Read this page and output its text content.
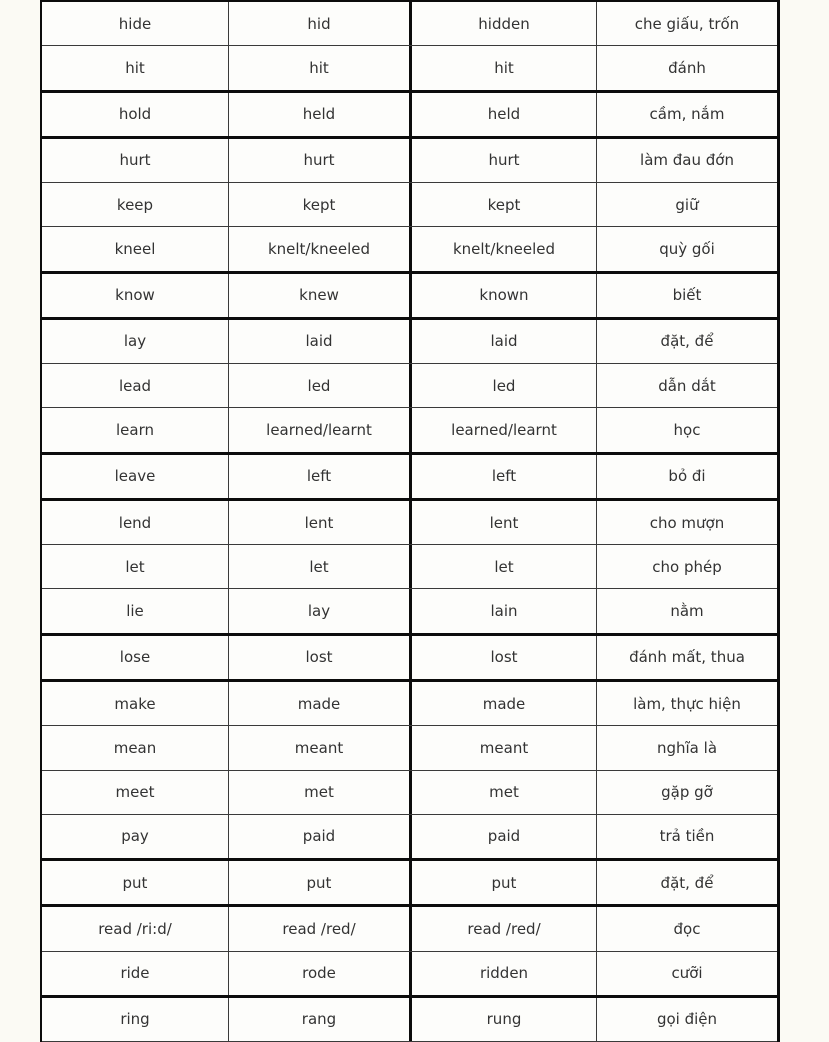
hide	hid	hidden	che giấu, trốn
hit	hit	hit	đánh
hold	held	held	cầm, nắm
hurt	hurt	hurt	làm đau đớn
keep	kept	kept	giữ
kneel	knelt/kneeled	knelt/kneeled	quỳ gối
know	knew	known	biết
lay	laid	laid	đặt, để
lead	led	led	dẫn dắt
learn	learned/learnt	learned/learnt	học
leave	left	left	bỏ đi
lend	lent	lent	cho mượn
let	let	let	cho phép
lie	lay	lain	nằm
lose	lost	lost	đánh mất, thua
make	made	made	làm, thực hiện
mean	meant	meant	nghĩa là
meet	met	met	gặp gỡ
pay	paid	paid	trả tiền
put	put	put	đặt, để
read /ri:d/	read /red/	read /red/	đọc
ride	rode	ridden	cưỡi
ring	rang	rung	gọi điện
